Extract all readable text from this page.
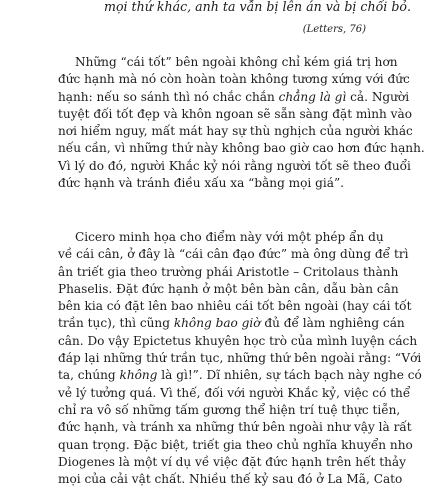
mọi thứ khác, anh ta vẫn bị lên án và bị chối bỏ.
(Letters, 76)
Những “cái tốt” bên ngoài không chỉ kém giá trị hơn
đức hạnh mà nó còn hoàn toàn không tương xứng với đức
hạnh: nếu so sánh thì nó chắc chắn chẳng là gì cả. Người
tuyệt đối tốt đẹp và khôn ngoan sẽ sẵn sàng đặt mình vào
nơi hiểm nguy, mất mát hay sự thù nghịch của người khác
nếu cần, vì những thứ này không bao giờ cao hơn đức hạnh.
Vì lý do đó, người Khắc kỷ nói rằng người tốt sẽ theo đuổi
đức hạnh và tránh điều xấu xa “bằng mọi giá”.
Cicero minh họa cho điểm này với một phép ẩn dụ
về cái cân, ở đây là “cái cân đạo đức” mà ông dùng để trì
ân triết gia theo trường phái Aristotle – Critolaus thành
Phaselis. Đặt đức hạnh ở một bên bàn cân, dẫu bàn cân
bên kia có đặt lên bao nhiêu cái tốt bên ngoài (hay cái tốt
trần tục), thì cũng không bao giờ đủ để làm nghiêng cán
cân. Do vậy Epictetus khuyên học trò của mình luyện cách
đáp lại những thứ trần tục, những thứ bên ngoài rằng: “Với
ta, chúng không là gì!”. Dĩ nhiên, sự tách bạch này nghe có
vẻ lý tưởng quá. Vì thế, đối với người Khắc kỷ, việc có thể
chỉ ra vô số những tấm gương thể hiện trí tuệ thực tiễn,
đức hạnh, và tránh xa những thứ bên ngoài như vậy là rất
quan trọng. Đặc biệt, triết gia theo chủ nghĩa khuyển nho
Diogenes là một ví dụ về việc đặt đức hạnh trên hết thảy
mọi của cải vật chất. Nhiều thế kỷ sau đó ở La Mã, Cato
